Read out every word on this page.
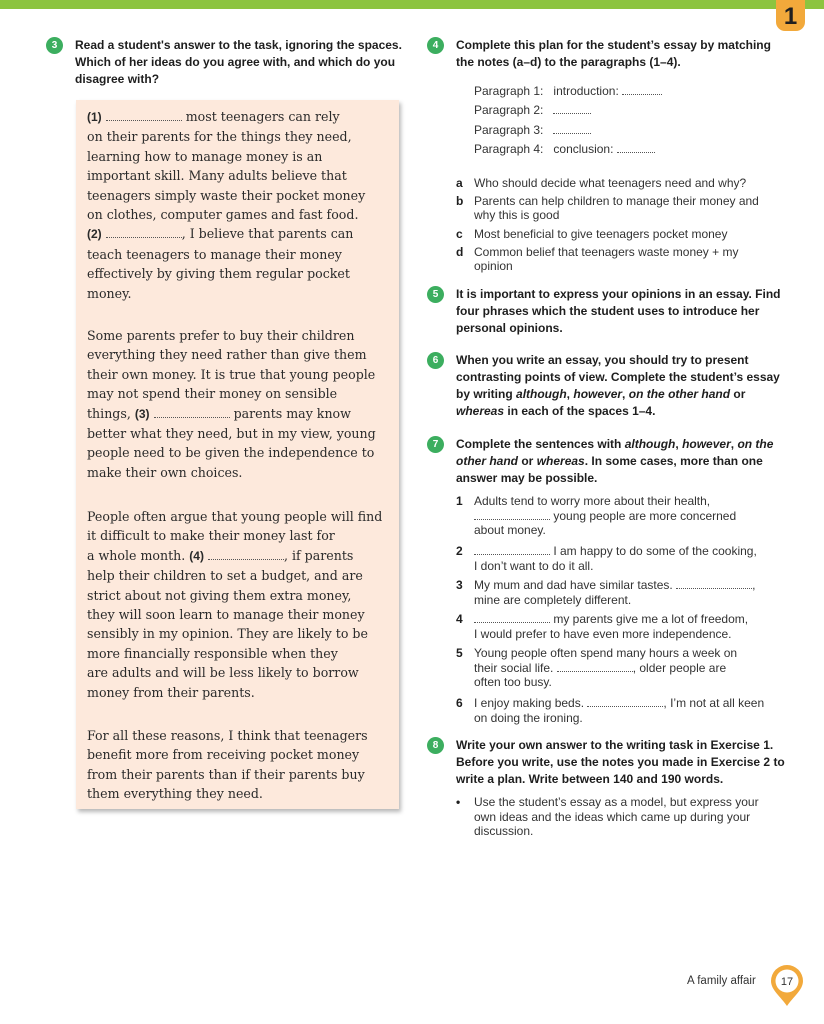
1
3	Read a student's answer to the task, ignoring the spaces. Which of her ideas do you agree with, and which do you disagree with?
(1)	most teenagers can rely
on their parents for the things they need,
learning how to manage money is an
important skill. Many adults believe that
teenagers simply waste their pocket money
on clothes, computer games and fast food.
(2)	, I believe that parents can
teach teenagers to manage their money
effectively by giving them regular pocket
money.
Some parents prefer to buy their children
everything they need rather than give them
their own money. It is true that young people
may not spend their money on sensible
things, (3)	parents may know
better what they need, but in my view, young
people need to be given the independence to
make their own choices.
People often argue that young people will find
it difficult to make their money last for
a whole month. (4)	, if parents
help their children to set a budget, and are
strict about not giving them extra money,
they will soon learn to manage their money
sensibly in my opinion. They are likely to be
more financially responsible when they
are adults and will be less likely to borrow
money from their parents.
For all these reasons, I think that teenagers
benefit more from receiving pocket money
from their parents than if their parents buy
them everything they need.
4	Complete this plan for the student’s essay by matching the notes (a–d) to the paragraphs (1–4).
Paragraph 1: introduction:
Paragraph 2:
Paragraph 3:
Paragraph 4: conclusion:
a Who should decide what teenagers need and why?
b Parents can help children to manage their money and why this is good
c Most beneficial to give teenagers pocket money
d Common belief that teenagers waste money + my opinion
5	It is important to express your opinions in an essay. Find four phrases which the student uses to introduce her personal opinions.
6	When you write an essay, you should try to present contrasting points of view. Complete the student’s essay by writing although, however, on the other hand or whereas in each of the spaces 1–4.
7	Complete the sentences with although, however, on the other hand or whereas. In some cases, more than one answer may be possible.
1 Adults tend to worry more about their health,
young people are more concerned
about money.
2	I am happy to do some of the cooking,
I don’t want to do it all.
3 My mum and dad have similar tastes.	,
mine are completely different.
4	my parents give me a lot of freedom,
I would prefer to have even more independence.
5 Young people often spend many hours a week on
their social life.	, older people are
often too busy.
6 I enjoy making beds.	, I’m not at all keen
on doing the ironing.
8	Write your own answer to the writing task in Exercise 1. Before you write, use the notes you made in Exercise 2 to write a plan. Write between 140 and 190 words.
• Use the student’s essay as a model, but express your own ideas and the ideas which came up during your discussion.
A family affair 17
